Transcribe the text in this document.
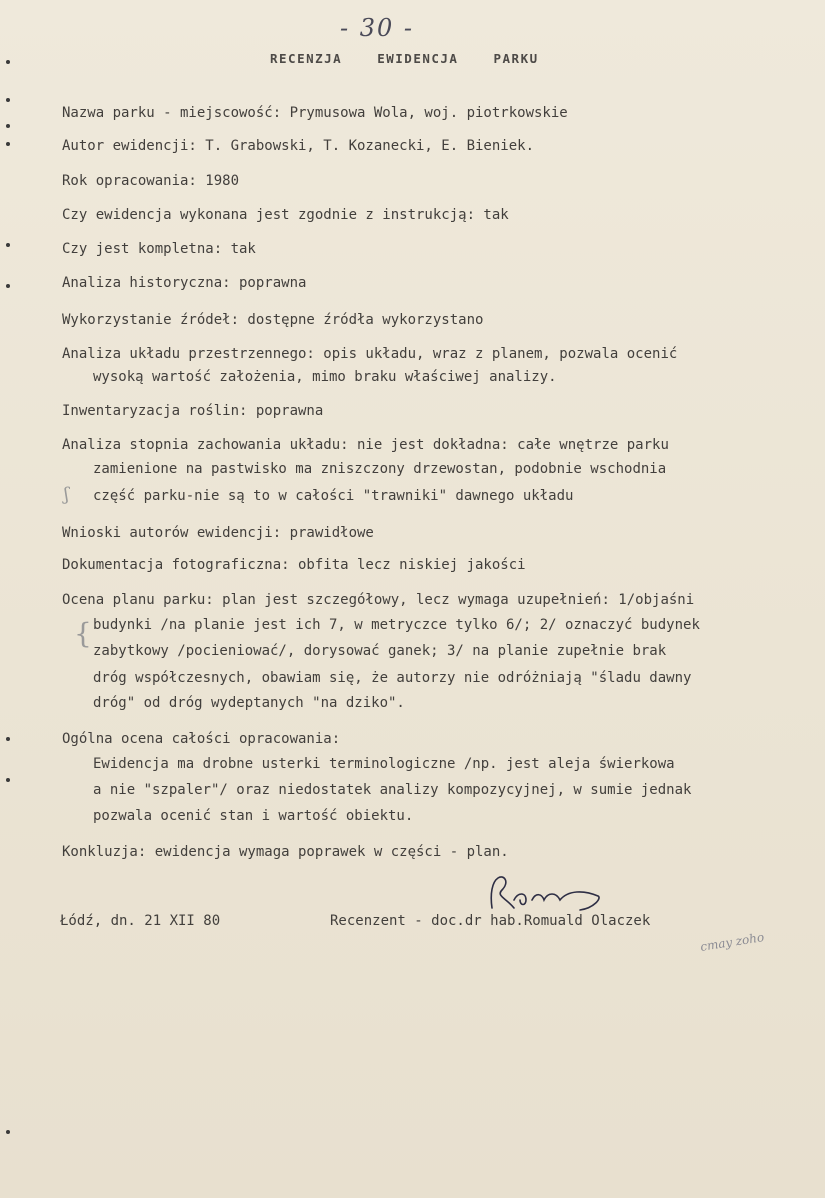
- 30 -
RECENZJA EWIDENCJA PARKU
Nazwa parku - miejscowość: Prymusowa Wola, woj. piotrkowskie
Autor ewidencji: T. Grabowski, T. Kozanecki, E. Bieniek.
Rok opracowania: 1980
Czy ewidencja wykonana jest zgodnie z instrukcją: tak
Czy jest kompletna: tak
Analiza historyczna: poprawna
Wykorzystanie źródeł: dostępne źródła wykorzystano
Analiza układu przestrzennego: opis układu, wraz z planem, pozwala ocenić
wysoką wartość założenia, mimo braku właściwej analizy.
Inwentaryzacja roślin: poprawna
Analiza stopnia zachowania układu: nie jest dokładna: całe wnętrze parku
zamienione na pastwisko ma zniszczony drzewostan, podobnie wschodnia
część parku-nie są to w całości "trawniki" dawnego układu
ʃ
Wnioski autorów ewidencji: prawidłowe
Dokumentacja fotograficzna: obfita lecz niskiej jakości
Ocena planu parku: plan jest szczegółowy, lecz wymaga uzupełnień: 1/objaśni
budynki /na planie jest ich 7, w metryczce tylko 6/; 2/ oznaczyć budynek
zabytkowy /pocieniować/, dorysować ganek; 3/ na planie zupełnie brak
dróg współczesnych, obawiam się, że autorzy nie odróżniają "śladu dawny
dróg" od dróg wydeptanych "na dziko".
{
Ogólna ocena całości opracowania:
Ewidencja ma drobne usterki terminologiczne /np. jest aleja świerkowa
a nie "szpaler"/ oraz niedostatek analizy kompozycyjnej, w sumie jednak
pozwala ocenić stan i wartość obiektu.
Konkluzja: ewidencja wymaga poprawek w części - plan.
Łódź, dn. 21 XII 80	Recenzent - doc.dr hab.Romuald Olaczek
cmay zoho
